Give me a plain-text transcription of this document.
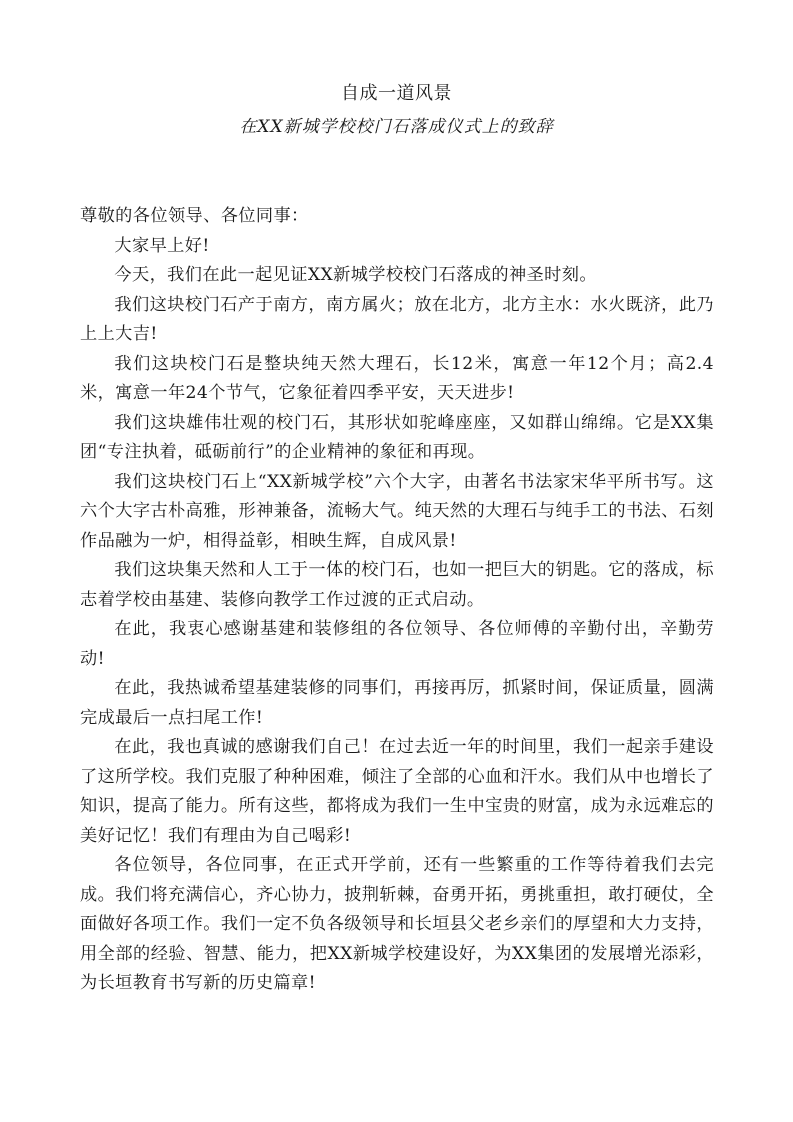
自成一道风景
在XX新城学校校门石落成仪式上的致辞

尊敬的各位领导、各位同事：

大家早上好!

今天，我们在此一起见证XX新城学校校门石落成的神圣时刻。

我们这块校门石产于南方，南方属火；放在北方，北方主水：水火既济，此乃上上大吉!

我们这块校门石是整块纯天然大理石，长12米，寓意一年12个月；高2.4米，寓意一年24个节气，它象征着四季平安，天天进步!

我们这块雄伟壮观的校门石，其形状如驼峰座座，又如群山绵绵。它是XX集团“专注执着，砥砺前行”的企业精神的象征和再现。

我们这块校门石上“XX新城学校”六个大字，由著名书法家宋华平所书写。这六个大字古朴高雅，形神兼备，流畅大气。纯天然的大理石与纯手工的书法、石刻作品融为一炉，相得益彰，相映生辉，自成风景!

我们这块集天然和人工于一体的校门石，也如一把巨大的钥匙。它的落成，标志着学校由基建、装修向教学工作过渡的正式启动。

在此，我衷心感谢基建和装修组的各位领导、各位师傅的辛勤付出，辛勤劳动!

在此，我热诚希望基建装修的同事们，再接再厉，抓紧时间，保证质量，圆满完成最后一点扫尾工作!

在此，我也真诚的感谢我们自己！在过去近一年的时间里，我们一起亲手建设了这所学校。我们克服了种种困难，倾注了全部的心血和汗水。我们从中也增长了知识，提高了能力。所有这些，都将成为我们一生中宝贵的财富，成为永远难忘的美好记忆！我们有理由为自己喝彩!

各位领导，各位同事，在正式开学前，还有一些繁重的工作等待着我们去完成。我们将充满信心，齐心协力，披荆斩棘，奋勇开拓，勇挑重担，敢打硬仗，全面做好各项工作。我们一定不负各级领导和长垣县父老乡亲们的厚望和大力支持，用全部的经验、智慧、能力，把XX新城学校建设好，为XX集团的发展增光添彩，为长垣教育书写新的历史篇章!
